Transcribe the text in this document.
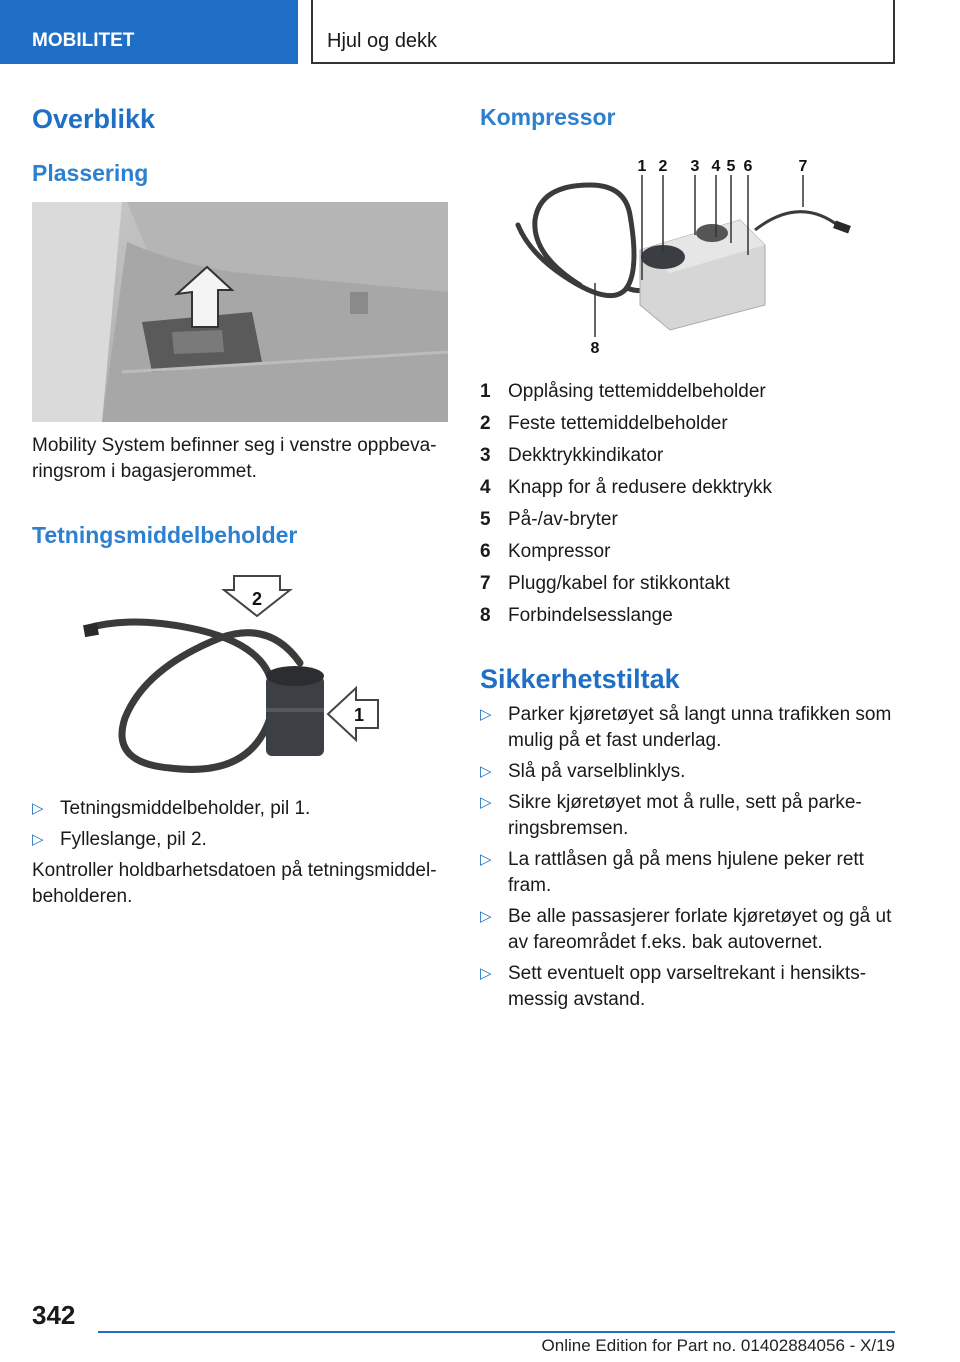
MOBILITET	Hjul og dekk
Overblikk
Plassering
Mobility System befinner seg i venstre oppbeva-ringsrom i bagasjerommet.
Tetningsmiddelbeholder
2
1
▷ Tetningsmiddelbeholder, pil 1.
▷ Fylleslange, pil 2.
Kontroller holdbarhetsdatoen på tetningsmiddel-beholderen.
Kompressor
1 2 3 4 5 6	7
8
1 Opplåsing tettemiddelbeholder
2 Feste tettemiddelbeholder
3 Dekktrykkindikator
4 Knapp for å redusere dekktrykk
5 På-/av-bryter
6 Kompressor
7 Plugg/kabel for stikkontakt
8 Forbindelsesslange
Sikkerhetstiltak
▷ Parker kjøretøyet så langt unna trafikken som mulig på et fast underlag.
▷ Slå på varselblinklys.
▷ Sikre kjøretøyet mot å rulle, sett på parke-ringsbremsen.
▷ La rattlåsen gå på mens hjulene peker rett fram.
▷ Be alle passasjerer forlate kjøretøyet og gå ut av fareområdet f.eks. bak autovernet.
▷ Sett eventuelt opp varseltrekant i hensikts-messig avstand.
342
Online Edition for Part no. 01402884056 - X/19
